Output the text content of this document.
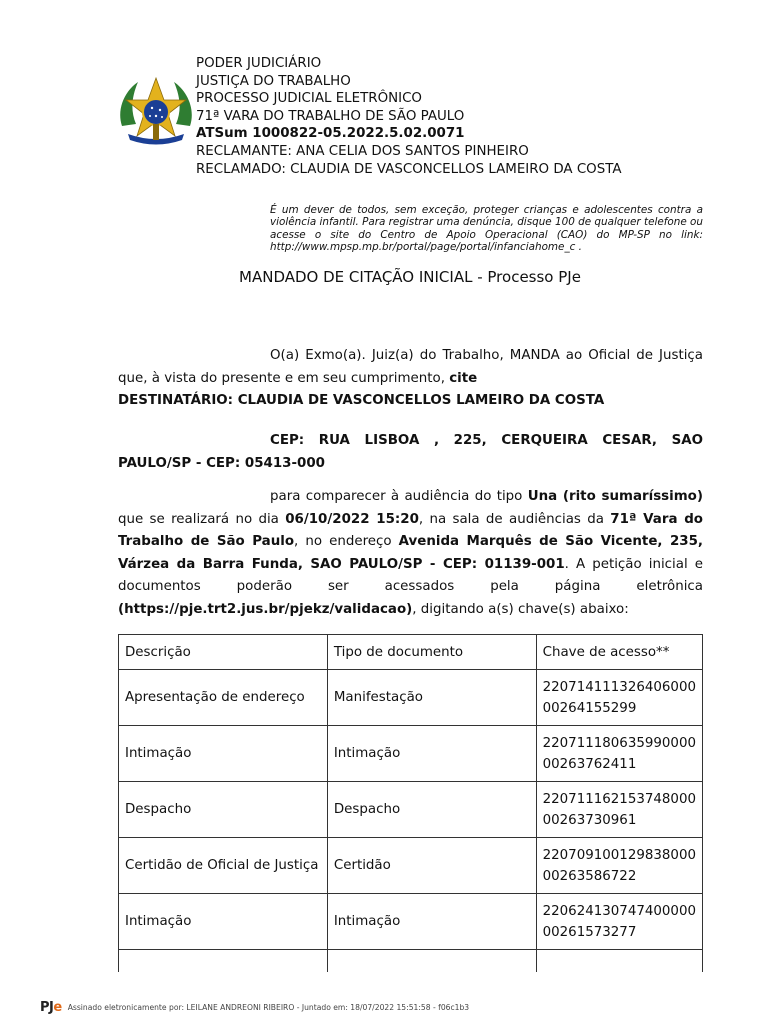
PODER JUDICIÁRIO
JUSTIÇA DO TRABALHO
PROCESSO JUDICIAL ELETRÔNICO
71ª VARA DO TRABALHO DE SÃO PAULO
ATSum 1000822-05.2022.5.02.0071
RECLAMANTE: ANA CELIA DOS SANTOS PINHEIRO
RECLAMADO: CLAUDIA DE VASCONCELLOS LAMEIRO DA COSTA
É um dever de todos, sem exceção, proteger crianças e adolescentes contra a violência infantil. Para registrar uma denúncia, disque 100 de qualquer telefone ou acesse o site do Centro de Apoio Operacional (CAO) do MP-SP no link: http://www.mpsp.mp.br/portal/page/portal/infanciahome_c .
MANDADO DE CITAÇÃO INICIAL - Processo PJe
O(a) Exmo(a). Juiz(a) do Trabalho, MANDA ao Oficial de Justiça que, à vista do presente e em seu cumprimento, cite
DESTINATÁRIO: CLAUDIA DE VASCONCELLOS LAMEIRO DA COSTA
CEP: RUA LISBOA , 225, CERQUEIRA CESAR, SAO PAULO/SP - CEP: 05413-000
para comparecer à audiência do tipo Una (rito sumaríssimo) que se realizará no dia 06/10/2022 15:20, na sala de audiências da 71ª Vara do Trabalho de São Paulo, no endereço Avenida Marquês de São Vicente, 235, Várzea da Barra Funda, SAO PAULO/SP - CEP: 01139-001. A petição inicial e documentos poderão ser acessados pela página eletrônica (https://pje.trt2.jus.br/pjekz/validacao), digitando a(s) chave(s) abaixo:
Descrição	Tipo de documento	Chave de acesso**
Apresentação de endereço	Manifestação	220714111326406000
00264155299
Intimação	Intimação	220711180635990000
00263762411
Despacho	Despacho	220711162153748000
00263730961
Certidão de Oficial de Justiça	Certidão	220709100129838000
00263586722
Intimação	Intimação	220624130747400000
00261573277

PJe Assinado eletronicamente por: LEILANE ANDREONI RIBEIRO - Juntado em: 18/07/2022 15:51:58 - f06c1b3
